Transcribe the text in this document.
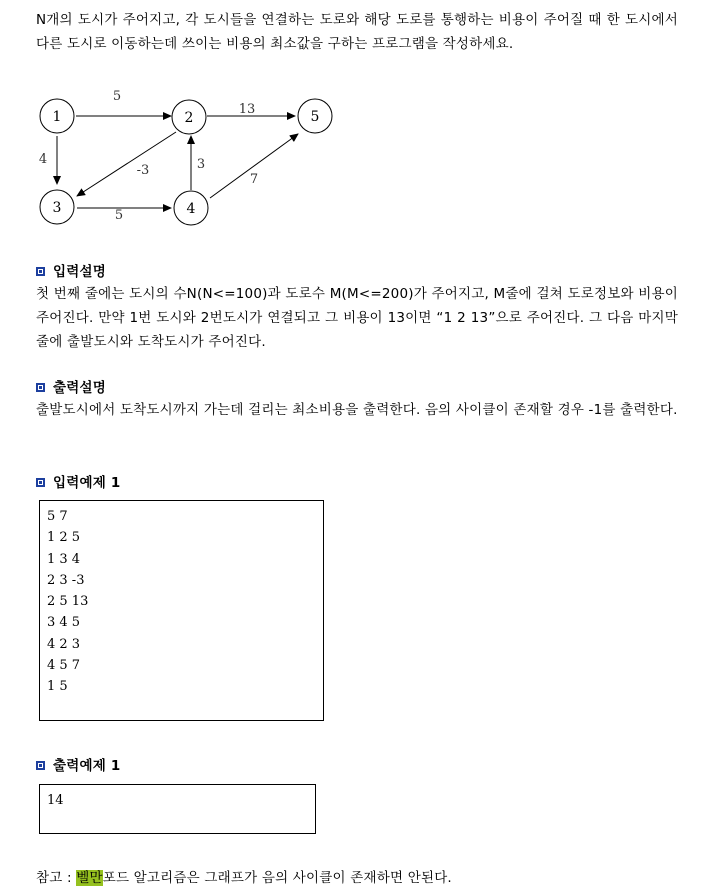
N개의 도시가 주어지고, 각 도시들을 연결하는 도로와 해당 도로를 통행하는 비용이 주어질 때 한 도시에서 다른 도시로 이동하는데 쓰이는 비용의 최소값을 구하는 프로그램을 작성하세요.
5
4
-3
13
5
3
7
1	2
3	4
5
입력설명
첫 번째 줄에는 도시의 수N(N<=100)과 도로수 M(M<=200)가 주어지고, M줄에 걸쳐 도로정보와 비용이 주어진다. 만약 1번 도시와 2번도시가 연결되고 그 비용이 13이면 “1 2 13”으로 주어진다. 그 다음 마지막 줄에 출발도시와 도착도시가 주어진다.
출력설명
출발도시에서 도착도시까지 가는데 걸리는 최소비용을 출력한다. 음의 사이클이 존재할 경우 -1를 출력한다.
입력예제 1
5 7
1 2 5
1 3 4
2 3 -3
2 5 13
3 4 5
4 2 3
4 5 7
1 5
출력예제 1
14
참고 : 벨만포드 알고리즘은 그래프가 음의 사이클이 존재하면 안된다.
